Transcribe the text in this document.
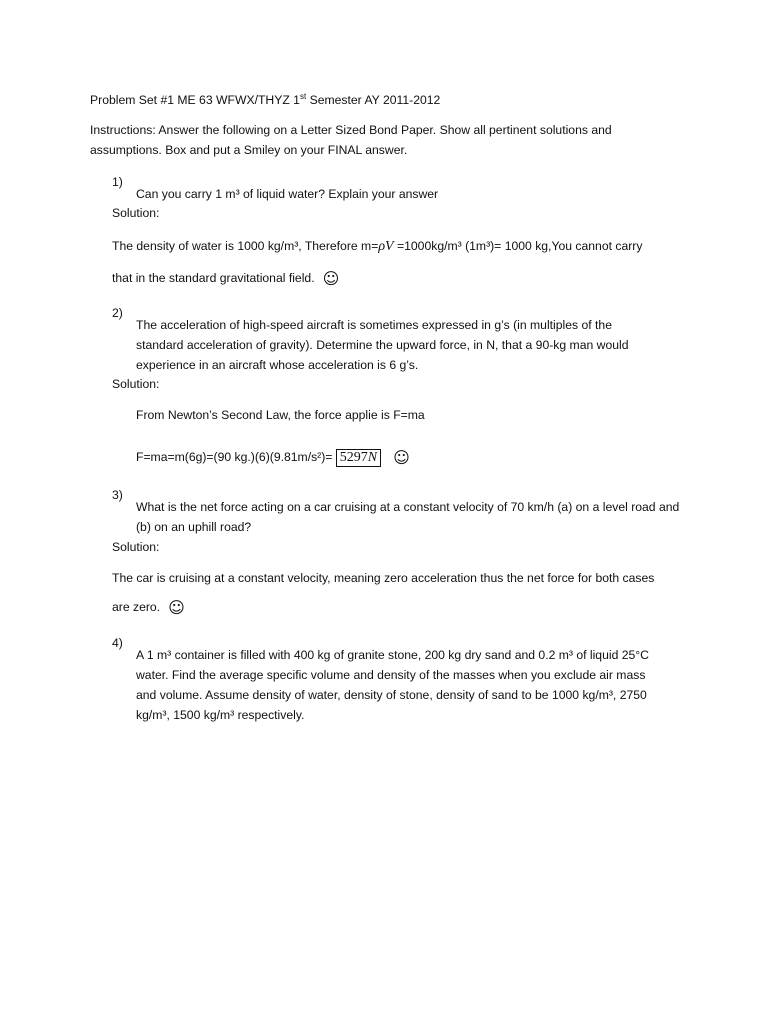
Problem Set #1 ME 63 WFWX/THYZ 1st Semester AY 2011-2012

Instructions: Answer the following on a Letter Sized Bond Paper. Show all pertinent solutions and assumptions. Box and put a Smiley on your FINAL answer.

1)

Can you carry 1 m³ of liquid water? Explain your answer

Solution:

The density of water is 1000 kg/m³, Therefore m=ρV =1000kg/m³ (1m³)= 1000 kg,You cannot carry

that in the standard gravitational field. ☺

2)

The acceleration of high-speed aircraft is sometimes expressed in g’s (in multiples of the standard acceleration of gravity). Determine the upward force, in N, that a 90-kg man would experience in an aircraft whose acceleration is 6 g’s.

Solution:

From Newton’s Second Law, the force applie is F=ma

F=ma=m(6g)=(90 kg.)(6)(9.81m/s²)= 5297N ☺

3)

What is the net force acting on a car cruising at a constant velocity of 70 km/h (a) on a level road and (b) on an uphill road?

Solution:

The car is cruising at a constant velocity, meaning zero acceleration thus the net force for both cases

are zero. ☺

4)

A 1 m³ container is filled with 400 kg of granite stone, 200 kg dry sand and 0.2 m³ of liquid 25°C water. Find the average specific volume and density of the masses when you exclude air mass and volume. Assume density of water, density of stone, density of sand to be 1000 kg/m³, 2750 kg/m³, 1500 kg/m³ respectively.
